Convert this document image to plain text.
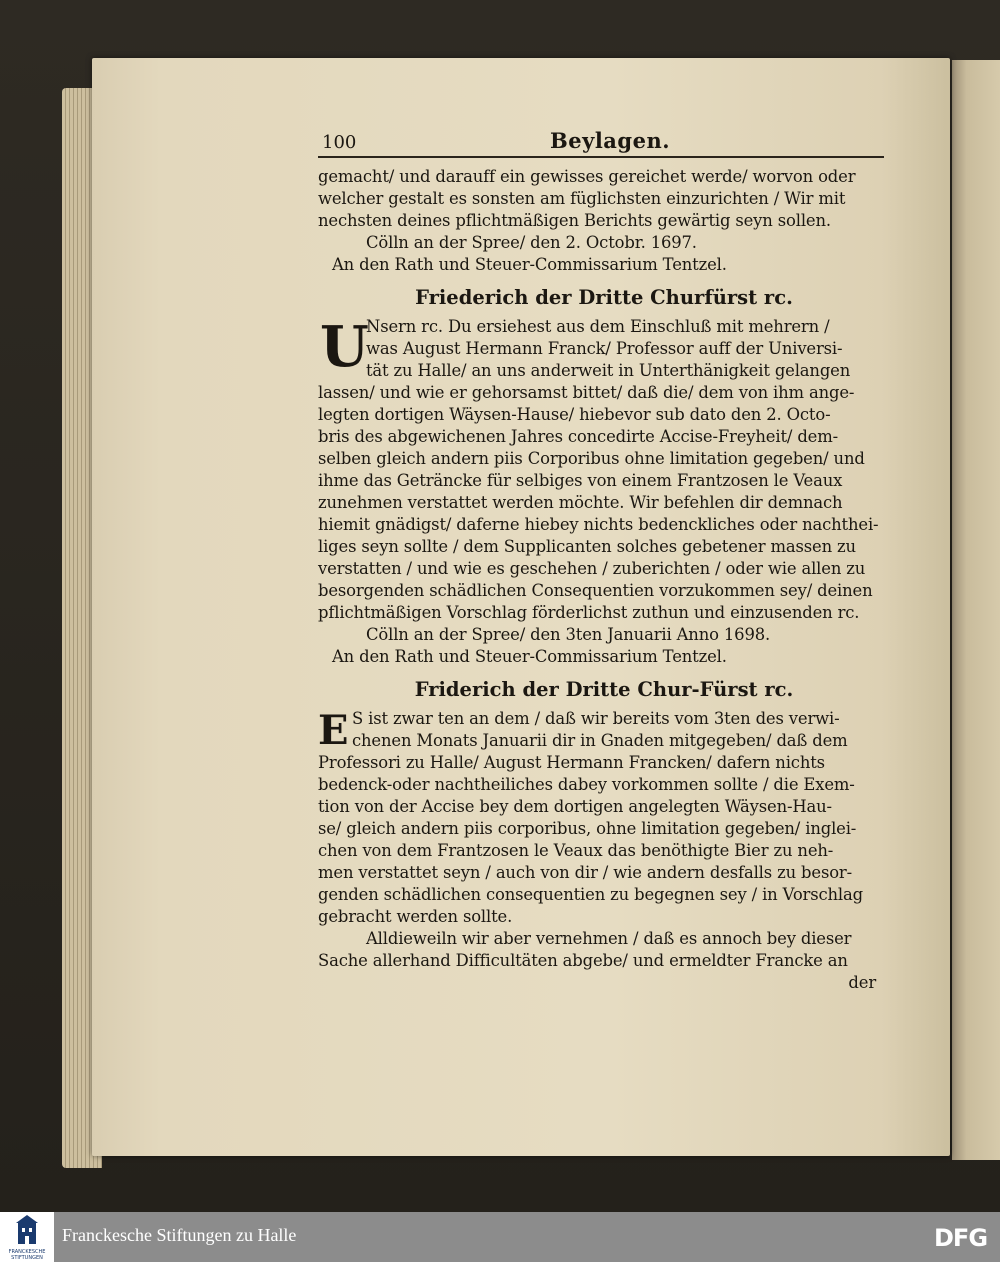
100	Beylagen.
gemacht/ und darauff ein gewisses gereichet werde/ worvon oder
welcher gestalt es sonsten am füglichsten einzurichten / Wir mit
nechsten deines pflichtmäßigen Berichts gewärtig seyn sollen.
Cölln an der Spree/ den 2. Octobr. 1697.
An den Rath und Steuer-Commissarium Tentzel.
Friederich der Dritte Churfürst rc.
U
Nsern rc. Du ersiehest aus dem Einschluß mit mehrern /
was August Hermann Franck/ Professor auff der Universi-
tät zu Halle/ an uns anderweit in Unterthänigkeit gelangen
lassen/ und wie er gehorsamst bittet/ daß die/ dem von ihm ange-
legten dortigen Wäysen-Hause/ hiebevor sub dato den 2. Octo-
bris des abgewichenen Jahres concedirte Accise-Freyheit/ dem-
selben gleich andern piis Corporibus ohne limitation gegeben/ und
ihme das Geträncke für selbiges von einem Frantzosen le Veaux
zunehmen verstattet werden möchte. Wir befehlen dir demnach
hiemit gnädigst/ daferne hiebey nichts bedenckliches oder nachthei-
liges seyn sollte / dem Supplicanten solches gebetener massen zu
verstatten / und wie es geschehen / zuberichten / oder wie allen zu
besorgenden schädlichen Consequentien vorzukommen sey/ deinen
pflichtmäßigen Vorschlag förderlichst zuthun und einzusenden rc.
Cölln an der Spree/ den 3ten Januarii Anno 1698.
An den Rath und Steuer-Commissarium Tentzel.
Friderich der Dritte Chur-Fürst rc.
E S ist zwar ten an dem / daß wir bereits vom 3ten des verwi-
chenen Monats Januarii dir in Gnaden mitgegeben/ daß dem
Professori zu Halle/ August Hermann Francken/ dafern nichts
bedenck-oder nachtheiliches dabey vorkommen sollte / die Exem-
tion von der Accise bey dem dortigen angelegten Wäysen-Hau-
se/ gleich andern piis corporibus, ohne limitation gegeben/ inglei-
chen von dem Frantzosen le Veaux das benöthigte Bier zu neh-
men verstattet seyn / auch von dir / wie andern desfalls zu besor-
genden schädlichen consequentien zu begegnen sey / in Vorschlag
gebracht werden sollte.
Alldieweiln wir aber vernehmen / daß es annoch bey dieser
Sache allerhand Difficultäten abgebe/ und ermeldter Francke an
der
FRANCKESCHE STIFTUNGEN
Franckesche Stiftungen zu Halle	DFG
